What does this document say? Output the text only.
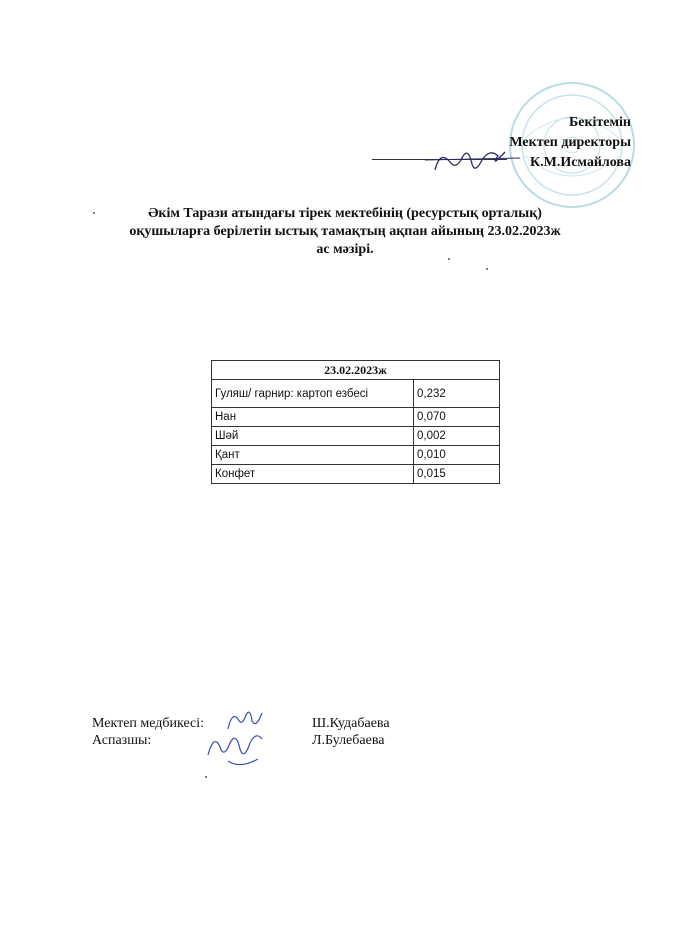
Бекітемін
Мектеп директоры
К.М.Исмайлова
Әкім Тарази атындағы тірек мектебінің (ресурстық орталық)
оқушыларға берілетін ыстық тамақтың ақпан айының 23.02.2023ж
ас мәзірі.
23.02.2023ж	
Гуляш/ гарнир: картоп езбесі	0,232
Нан	0,070
Шәй	0,002
Қант	0,010
Конфет	0,015
Мектеп медбикесі:	Ш.Кудабаева
Аспазшы:	Л.Булебаева
